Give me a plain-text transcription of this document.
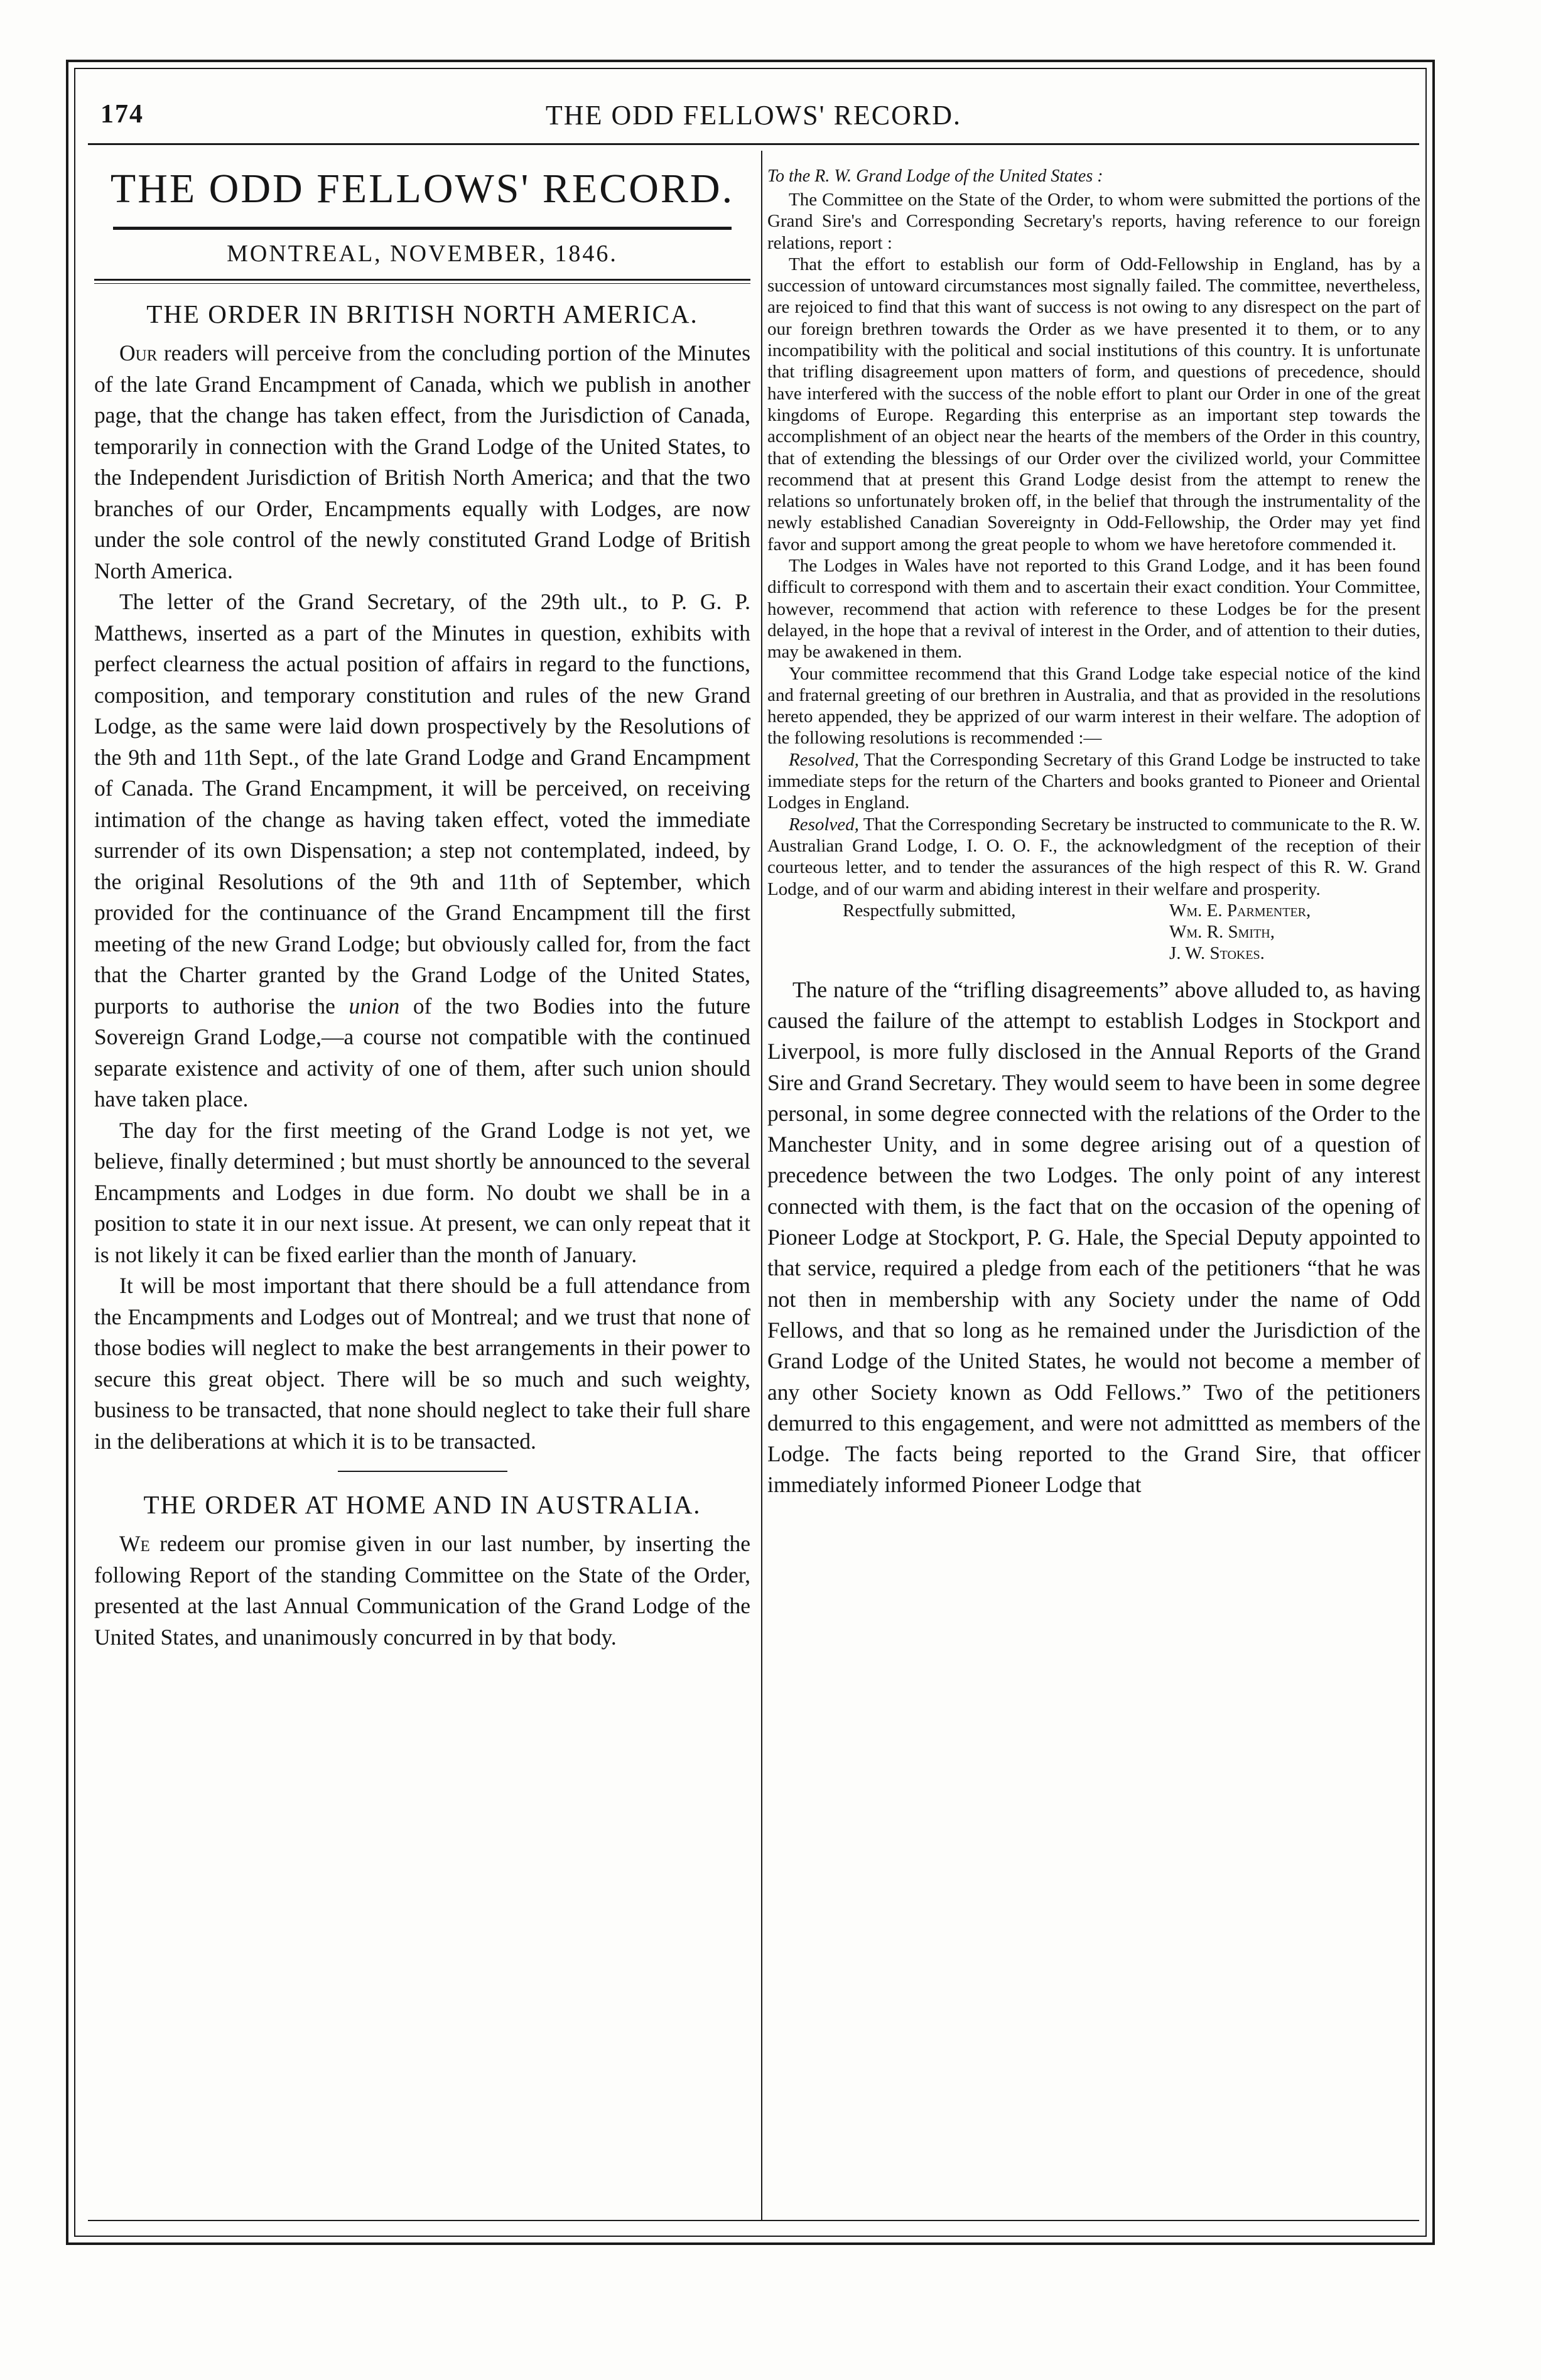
174	THE ODD FELLOWS' RECORD.
THE ODD FELLOWS' RECORD.
MONTREAL, NOVEMBER, 1846.
THE ORDER IN BRITISH NORTH AMERICA.

Our readers will perceive from the concluding portion of the Minutes of the late Grand Encampment of Canada, which we publish in another page, that the change has taken effect, from the Jurisdiction of Canada, temporarily in connection with the Grand Lodge of the United States, to the Independent Jurisdiction of British North America; and that the two branches of our Order, Encampments equally with Lodges, are now under the sole control of the newly constituted Grand Lodge of British North America.

The letter of the Grand Secretary, of the 29th ult., to P. G. P. Matthews, inserted as a part of the Minutes in question, exhibits with perfect clearness the actual position of affairs in regard to the functions, composition, and temporary constitution and rules of the new Grand Lodge, as the same were laid down prospectively by the Resolutions of the 9th and 11th Sept., of the late Grand Lodge and Grand Encampment of Canada. The Grand Encampment, it will be perceived, on receiving intimation of the change as having taken effect, voted the immediate surrender of its own Dispensation; a step not contemplated, indeed, by the original Resolutions of the 9th and 11th of September, which provided for the continuance of the Grand Encampment till the first meeting of the new Grand Lodge; but obviously called for, from the fact that the Charter granted by the Grand Lodge of the United States, purports to authorise the union of the two Bodies into the future Sovereign Grand Lodge,—a course not compatible with the continued separate existence and activity of one of them, after such union should have taken place.

The day for the first meeting of the Grand Lodge is not yet, we believe, finally determined ; but must shortly be announced to the several Encampments and Lodges in due form. No doubt we shall be in a position to state it in our next issue. At present, we can only repeat that it is not likely it can be fixed earlier than the month of January.

It will be most important that there should be a full attendance from the Encampments and Lodges out of Montreal; and we trust that none of those bodies will neglect to make the best arrangements in their power to secure this great object. There will be so much and such weighty, business to be transacted, that none should neglect to take their full share in the deliberations at which it is to be transacted.

THE ORDER AT HOME AND IN AUSTRALIA.

We redeem our promise given in our last number, by inserting the following Report of the standing Committee on the State of the Order, presented at the last Annual Communication of the Grand Lodge of the United States, and unanimously concurred in by that body.

To the R. W. Grand Lodge of the United States :

The Committee on the State of the Order, to whom were submitted the portions of the Grand Sire's and Corresponding Secretary's reports, having reference to our foreign relations, report :

That the effort to establish our form of Odd-Fellowship in England, has by a succession of untoward circumstances most signally failed. The committee, nevertheless, are rejoiced to find that this want of success is not owing to any disrespect on the part of our foreign brethren towards the Order as we have presented it to them, or to any incompatibility with the political and social institutions of this country. It is unfortunate that trifling disagreement upon matters of form, and questions of precedence, should have interfered with the success of the noble effort to plant our Order in one of the great kingdoms of Europe. Regarding this enterprise as an important step towards the accomplishment of an object near the hearts of the members of the Order in this country, that of extending the blessings of our Order over the civilized world, your Committee recommend that at present this Grand Lodge desist from the attempt to renew the relations so unfortunately broken off, in the belief that through the instrumentality of the newly established Canadian Sovereignty in Odd-Fellowship, the Order may yet find favor and support among the great people to whom we have heretofore commended it.

The Lodges in Wales have not reported to this Grand Lodge, and it has been found difficult to correspond with them and to ascertain their exact condition. Your Committee, however, recommend that action with reference to these Lodges be for the present delayed, in the hope that a revival of interest in the Order, and of attention to their duties, may be awakened in them.

Your committee recommend that this Grand Lodge take especial notice of the kind and fraternal greeting of our brethren in Australia, and that as provided in the resolutions hereto appended, they be apprized of our warm interest in their welfare. The adoption of the following resolutions is recommended :—

Resolved, That the Corresponding Secretary of this Grand Lodge be instructed to take immediate steps for the return of the Charters and books granted to Pioneer and Oriental Lodges in England.

Resolved, That the Corresponding Secretary be instructed to communicate to the R. W. Australian Grand Lodge, I. O. O. F., the acknowledgment of the reception of their courteous letter, and to tender the assurances of the high respect of this R. W. Grand Lodge, and of our warm and abiding interest in their welfare and prosperity.

Respectfully submitted,	Wm. E. Parmenter,
Wm. R. Smith,
J. W. Stokes.

The nature of the “trifling disagreements” above alluded to, as having caused the failure of the attempt to establish Lodges in Stockport and Liverpool, is more fully disclosed in the Annual Reports of the Grand Sire and Grand Secretary. They would seem to have been in some degree personal, in some degree connected with the relations of the Order to the Manchester Unity, and in some degree arising out of a question of precedence between the two Lodges. The only point of any interest connected with them, is the fact that on the occasion of the opening of Pioneer Lodge at Stockport, P. G. Hale, the Special Deputy appointed to that service, required a pledge from each of the petitioners “that he was not then in membership with any Society under the name of Odd Fellows, and that so long as he remained under the Jurisdiction of the Grand Lodge of the United States, he would not become a member of any other Society known as Odd Fellows.” Two of the petitioners demurred to this engagement, and were not admittted as members of the Lodge. The facts being reported to the Grand Sire, that officer immediately informed Pioneer Lodge that
